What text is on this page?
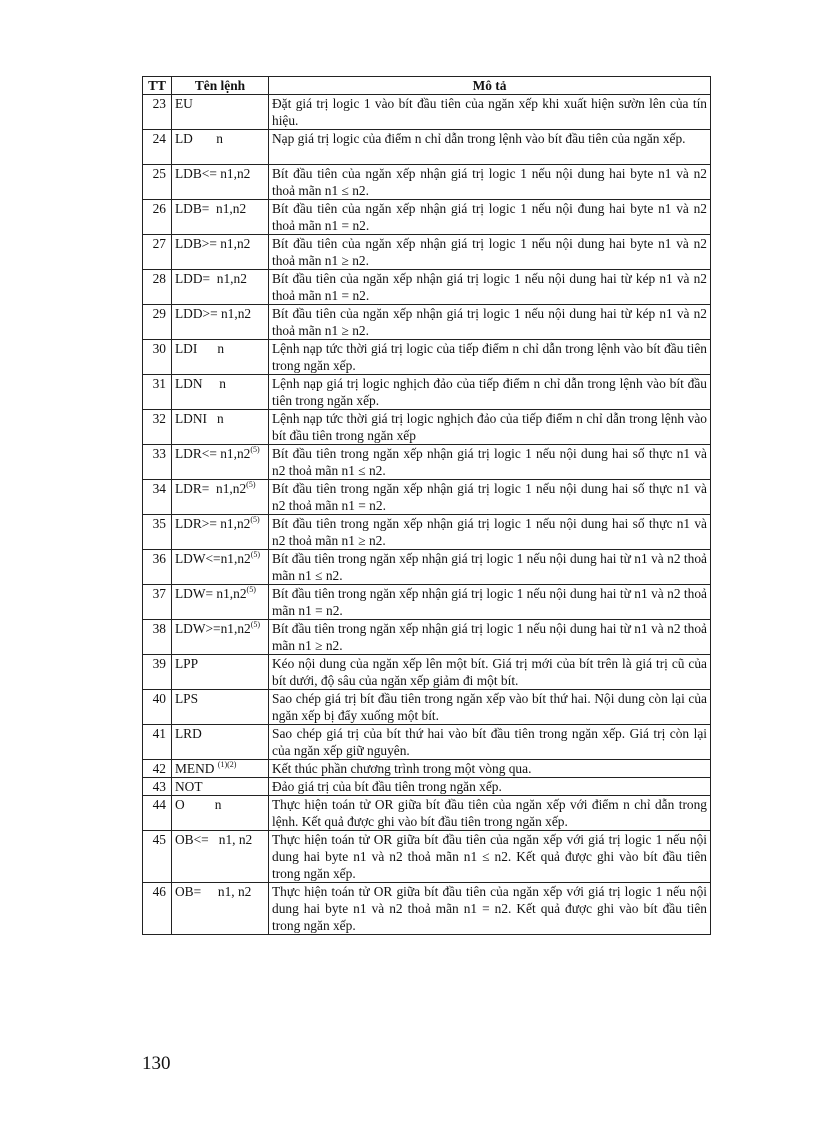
TT	Tên lệnh	Mô tả
23	EU	Đặt giá trị logic 1 vào bít đầu tiên của ngăn xếp khi xuất hiện sườn lên của tín hiệu.
24	LD       n	Nạp giá trị logic của điểm n chỉ dẫn trong lệnh vào bít đầu tiên của ngăn xếp.
25	LDB<= n1,n2	Bít đầu tiên của ngăn xếp nhận giá trị logic 1 nếu nội dung hai byte n1 và n2 thoả mãn n1 ≤ n2.
26	LDB=  n1,n2	Bít đầu tiên của ngăn xếp nhận giá trị logic 1 nếu nội đung hai byte n1 và n2 thoả mãn n1 = n2.
27	LDB>= n1,n2	Bít đầu tiên của ngăn xếp nhận giá trị logic 1 nếu nội dung hai byte n1 và n2 thoả mãn n1 ≥ n2.
28	LDD=  n1,n2	Bít đầu tiên của ngăn xếp nhận giá trị logic 1 nếu nội dung hai từ kép n1 và n2 thoả mãn n1 = n2.
29	LDD>= n1,n2	Bít đầu tiên của ngăn xếp nhận giá trị logic 1 nếu nội dung hai từ kép n1 và n2 thoả mãn n1 ≥ n2.
30	LDI      n	Lệnh nạp tức thời giá trị logic của tiếp điểm n chỉ dẫn trong lệnh vào bít đầu tiên trong ngăn xếp.
31	LDN     n	Lệnh nạp giá trị logic nghịch đảo của tiếp điểm n chỉ dẫn trong lệnh vào bít đầu tiên trong ngăn xếp.
32	LDNI   n	Lệnh nạp tức thời giá trị logic nghịch đảo của tiếp điểm n chỉ dẫn trong lệnh vào bít đầu tiên trong ngăn xếp
33	$LDR<= n1,n2^{(5)}$	Bít đầu tiên trong ngăn xếp nhận giá trị logic 1 nếu nội dung hai số thực n1 và n2 thoả mãn n1 ≤ n2.
34	LDR=  n1,n2$^{(5)}$	Bít đầu tiên trong ngăn xếp nhận giá trị logic 1 nếu nội dung hai số thực n1 và n2 thoả mãn n1 = n2.
35	$LDR>= n1,n2^{(5)}$	Bít đầu tiên trong ngăn xếp nhận giá trị logic 1 nếu nội dung hai số thực n1 và n2 thoả mãn n1 ≥ n2.
36	$LDW<=n1,n2^{(5)}$	Bít đầu tiên trong ngăn xếp nhận giá trị logic 1 nếu nội dung hai từ n1 và n2 thoả mãn n1 ≤ n2.
37	$LDW= n1,n2^{(5)}$	Bít đầu tiên trong ngăn xếp nhận giá trị logic 1 nếu nội dung hai từ n1 và n2 thoả mãn n1 = n2.
38	$LDW>=n1,n2^{(5)}$	Bít đầu tiên trong ngăn xếp nhận giá trị logic 1 nếu nội dung hai từ n1 và n2 thoả mãn n1 ≥ n2.
39	LPP	Kéo nội dung của ngăn xếp lên một bít. Giá trị mới của bít trên là giá trị cũ của bít dưới, độ sâu của ngăn xếp giảm đi một bít.
40	LPS	Sao chép giá trị bít đầu tiên trong ngăn xếp vào bít thứ hai. Nội dung còn lại của ngăn xếp bị đẩy xuống một bít.
41	LRD	Sao chép giá trị của bít thứ hai vào bít đầu tiên trong ngăn xếp. Giá trị còn lại của ngăn xếp giữ nguyên.
42	MEND $^{(1)(2)}$	Kết thúc phần chương trình trong một vòng qua.
43	NOT	Đảo giá trị của bít đầu tiên trong ngăn xếp.
44	O         n	Thực hiện toán tử OR giữa bít đầu tiên của ngăn xếp với điểm n chỉ dẫn trong lệnh. Kết quả được ghi vào bít đầu tiên trong ngăn xếp.
45	OB<=   n1, n2	Thực hiện toán tử OR giữa bít đầu tiên của ngăn xếp với giá trị logic 1 nếu nội dung hai byte n1 và n2 thoả mãn n1 ≤ n2. Kết quả được ghi vào bít đầu tiên trong ngăn xếp.
46	OB=     n1, n2	Thực hiện toán tử OR giữa bít đầu tiên của ngăn xếp với giá trị logic 1 nếu nội dung hai byte n1 và n2 thoả mãn n1 = n2. Kết quả được ghi vào bít đầu tiên trong ngăn xếp.
130
